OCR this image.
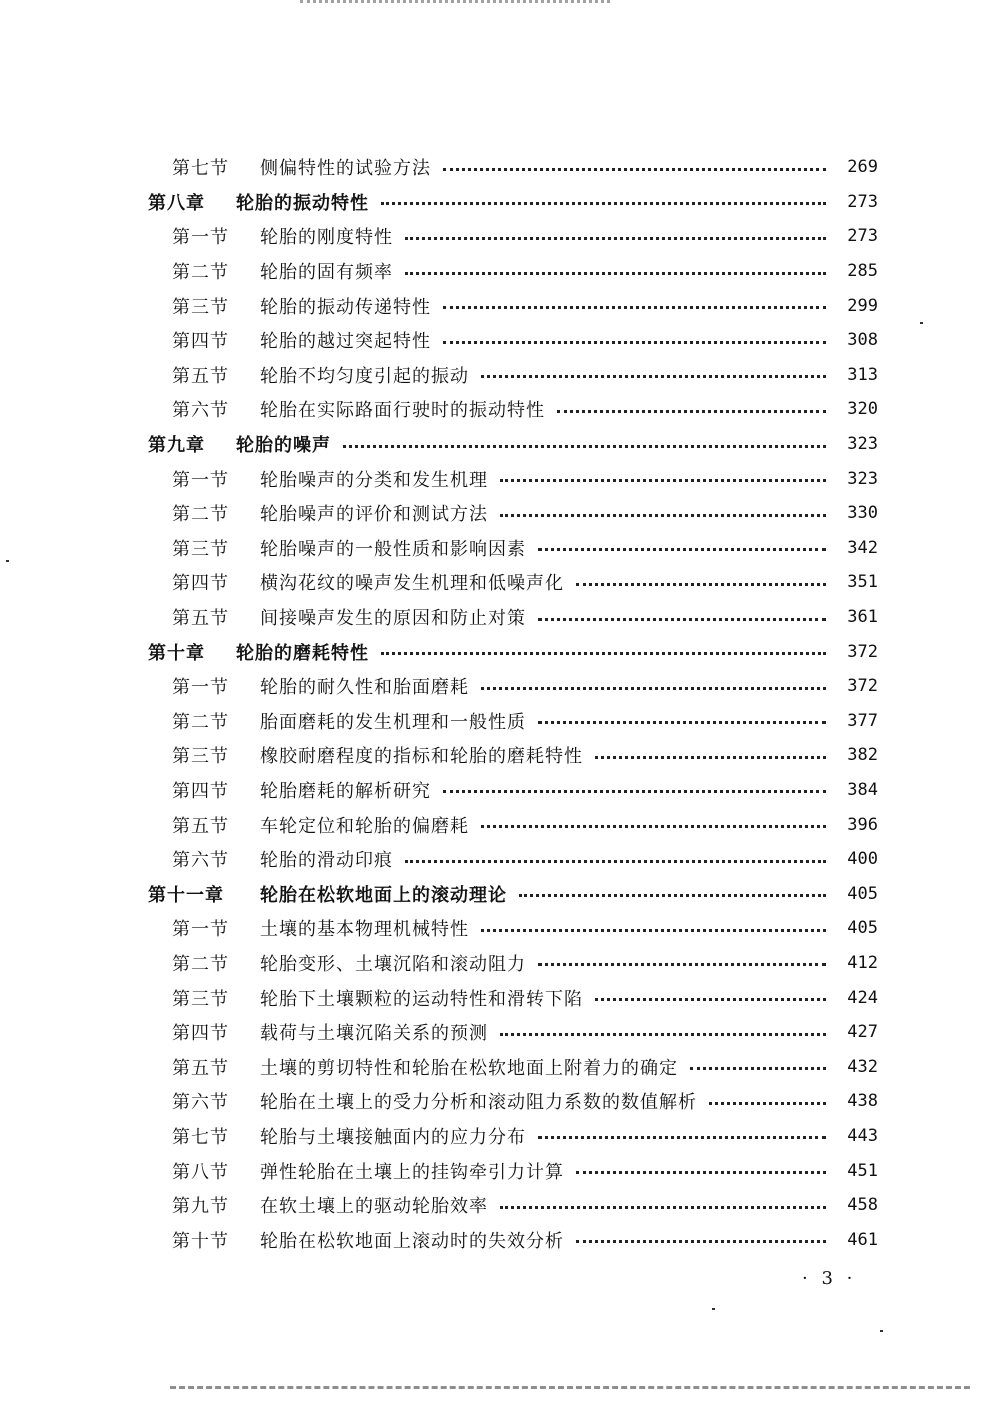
第七节	侧偏特性的试验方法	269
第八章	轮胎的振动特性	273
第一节	轮胎的刚度特性	273
第二节	轮胎的固有频率	285
第三节	轮胎的振动传递特性	299
第四节	轮胎的越过突起特性	308
第五节	轮胎不均匀度引起的振动	313
第六节	轮胎在实际路面行驶时的振动特性	320
第九章	轮胎的噪声	323
第一节	轮胎噪声的分类和发生机理	323
第二节	轮胎噪声的评价和测试方法	330
第三节	轮胎噪声的一般性质和影响因素	342
第四节	横沟花纹的噪声发生机理和低噪声化	351
第五节	间接噪声发生的原因和防止对策	361
第十章	轮胎的磨耗特性	372
第一节	轮胎的耐久性和胎面磨耗	372
第二节	胎面磨耗的发生机理和一般性质	377
第三节	橡胶耐磨程度的指标和轮胎的磨耗特性	382
第四节	轮胎磨耗的解析研究	384
第五节	车轮定位和轮胎的偏磨耗	396
第六节	轮胎的滑动印痕	400
第十一章	轮胎在松软地面上的滚动理论	405
第一节	土壤的基本物理机械特性	405
第二节	轮胎变形、土壤沉陷和滚动阻力	412
第三节	轮胎下土壤颗粒的运动特性和滑转下陷	424
第四节	载荷与土壤沉陷关系的预测	427
第五节	土壤的剪切特性和轮胎在松软地面上附着力的确定	432
第六节	轮胎在土壤上的受力分析和滚动阻力系数的数值解析	438
第七节	轮胎与土壤接触面内的应力分布	443
第八节	弹性轮胎在土壤上的挂钩牵引力计算	451
第九节	在软土壤上的驱动轮胎效率	458
第十节	轮胎在松软地面上滚动时的失效分析	461
· 3 ·
